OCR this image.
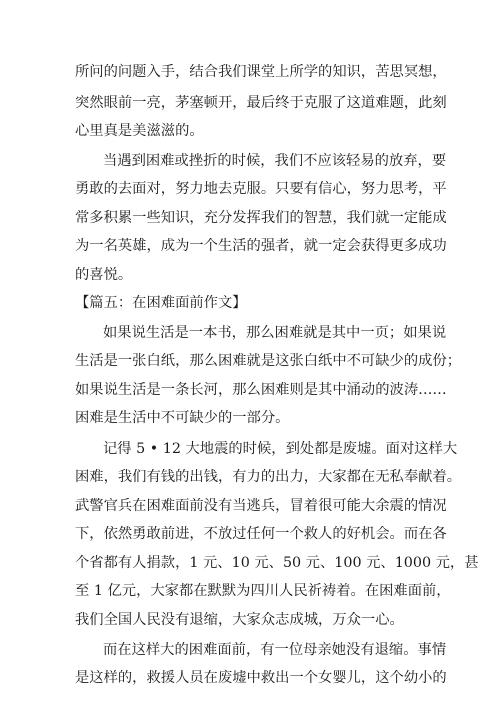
所问的问题入手，结合我们课堂上所学的知识，苦思冥想，
突然眼前一亮，茅塞顿开，最后终于克服了这道难题，此刻
心里真是美滋滋的。
当遇到困难或挫折的时候，我们不应该轻易的放弃，要
勇敢的去面对，努力地去克服。只要有信心，努力思考，平
常多积累一些知识，充分发挥我们的智慧，我们就一定能成
为一名英雄，成为一个生活的强者，就一定会获得更多成功
的喜悦。
【篇五：在困难面前作文】
如果说生活是一本书，那么困难就是其中一页；如果说
生活是一张白纸，那么困难就是这张白纸中不可缺少的成份；
如果说生活是一条长河，那么困难则是其中涌动的波涛……
困难是生活中不可缺少的一部分。
记得 5 • 12 大地震的时候，到处都是废墟。面对这样大
困难，我们有钱的出钱，有力的出力，大家都在无私奉献着。
武警官兵在困难面前没有当逃兵，冒着很可能大余震的情况
下，依然勇敢前进，不放过任何一个救人的好机会。而在各
个省都有人捐款，1 元、10 元、50 元、100 元、1000 元，甚
至 1 亿元，大家都在默默为四川人民祈祷着。在困难面前，
我们全国人民没有退缩，大家众志成城，万众一心。
而在这样大的困难面前，有一位母亲她没有退缩。事情
是这样的，救援人员在废墟中救出一个女婴儿，这个幼小的
